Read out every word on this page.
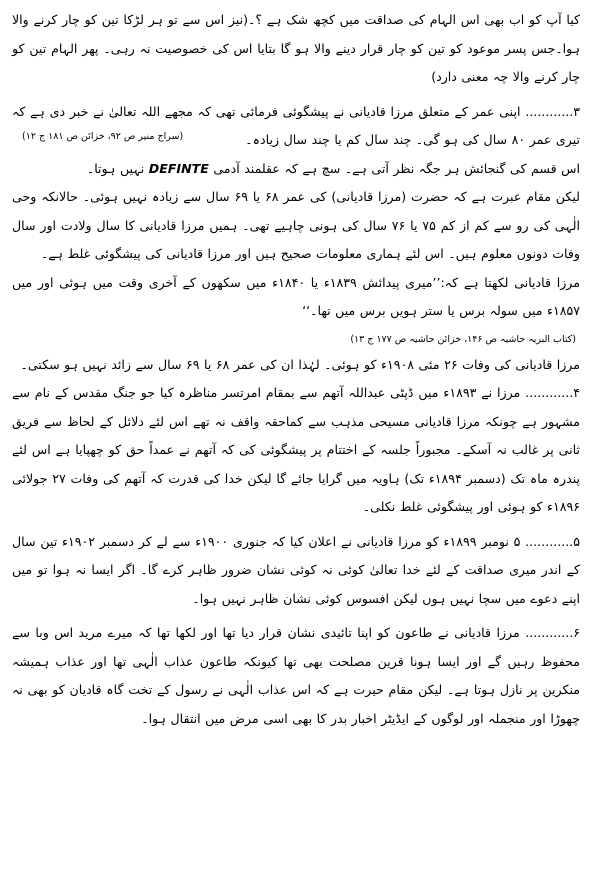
کیا آپ کو اب بھی اس الہام کی صداقت میں کچھ شک ہے ؟۔(نیز اس سے تو ہر لڑکا تین کو چار کرنے والا ہوا۔جس پسر موعود کو تین کو چار قرار دینے والا ہو گا بتایا اس کی خصوصیت نہ رہی۔ پھر الہام تین کو چار کرنے والا چہ معنی دارد)

۳............ اپنی عمر کے متعلق مرزا قادیانی نے پیشگوئی فرمائی تھی کہ مجھے اللہ تعالیٰ نے خبر دی ہے کہ تیری عمر ۸۰ سال کی ہو گی۔ چند سال کم یا چند سال زیادہ۔

(سراج منیر ص ۹۲، خزائن ص ۱۸۱ ج ۱۲)

اس قسم کی گنجائش ہر جگہ نظر آتی ہے۔ سچ ہے کہ عقلمند آدمی DEFINTE نہیں ہوتا۔

لیکن مقام عبرت ہے کہ حضرت (مرزا قادیانی) کی عمر ۶۸ یا ۶۹ سال سے زیادہ نہیں ہوئی۔ حالانکہ وحی الٰہی کی رو سے کم از کم ۷۵ یا ۷۶ سال کی ہونی چاہیے تھی۔ ہمیں مرزا قادیانی کا سال ولادت اور سال وفات دونوں معلوم ہیں۔ اس لئے ہماری معلومات صحیح ہیں اور مرزا قادیانی کی پیشگوئی غلط ہے۔

مرزا قادیانی لکھتا ہے کہ:’’میری پیدائش ۱۸۳۹ء یا ۱۸۴۰ء میں سکھوں کے آخری وقت میں ہوئی اور میں ۱۸۵۷ء میں سولہ برس یا ستر ہویں برس میں تھا۔‘‘

(کتاب البریہ حاشیہ ص ۱۴۶، خزائن حاشیہ ص ۱۷۷ ج ۱۳)

مرزا قادیانی کی وفات ۲۶ مئی ۱۹۰۸ء کو ہوئی۔ لہٰذا ان کی عمر ۶۸ یا ۶۹ سال سے زائد نہیں ہو سکتی۔

۴............ مرزا نے ۱۸۹۳ء میں ڈپٹی عبداللہ آتھم سے بمقام امرتسر مناظرہ کیا جو جنگ مقدس کے نام سے مشہور ہے چونکہ مرزا قادیانی مسیحی مذہب سے کماحقہ واقف نہ تھے اس لئے دلائل کے لحاظ سے فریق ثانی پر غالب نہ آسکے۔ مجبوراً جلسہ کے اختتام پر پیشگوئی کی کہ آتھم نے عمداً حق کو چھپایا ہے اس لئے پندرہ ماہ تک (دسمبر ۱۸۹۴ء تک) ہاویہ میں گرایا جائے گا لیکن خدا کی قدرت کہ آتھم کی وفات ۲۷ جولائی ۱۸۹۶ء کو ہوئی اور پیشگوئی غلط نکلی۔

۵............ ۵ نومبر ۱۸۹۹ء کو مرزا قادیانی نے اعلان کیا کہ جنوری ۱۹۰۰ء سے لے کر دسمبر ۱۹۰۲ء تین سال کے اندر میری صداقت کے لئے خدا تعالیٰ کوئی نہ کوئی نشان ضرور ظاہر کرے گا۔ اگر ایسا نہ ہوا تو میں اپنے دعوے میں سچا نہیں ہوں لیکن افسوس کوئی نشان ظاہر نہیں ہوا۔

۶............ مرزا قادیانی نے طاعون کو اپنا تائیدی نشان قرار دیا تھا اور لکھا تھا کہ میرے مرید اس وبا سے محفوظ رہیں گے اور ایسا ہونا قرین مصلحت بھی تھا کیونکہ طاعون عذاب الٰہی تھا اور عذاب ہمیشہ منکرین پر نازل ہوتا ہے۔ لیکن مقام حیرت ہے کہ اس عذاب الٰہی نے رسول کے تخت گاہ قادیان کو بھی نہ چھوڑا اور منجملہ اور لوگوں کے ایڈیٹر اخبار بدر کا بھی اسی مرض میں انتقال ہوا۔
